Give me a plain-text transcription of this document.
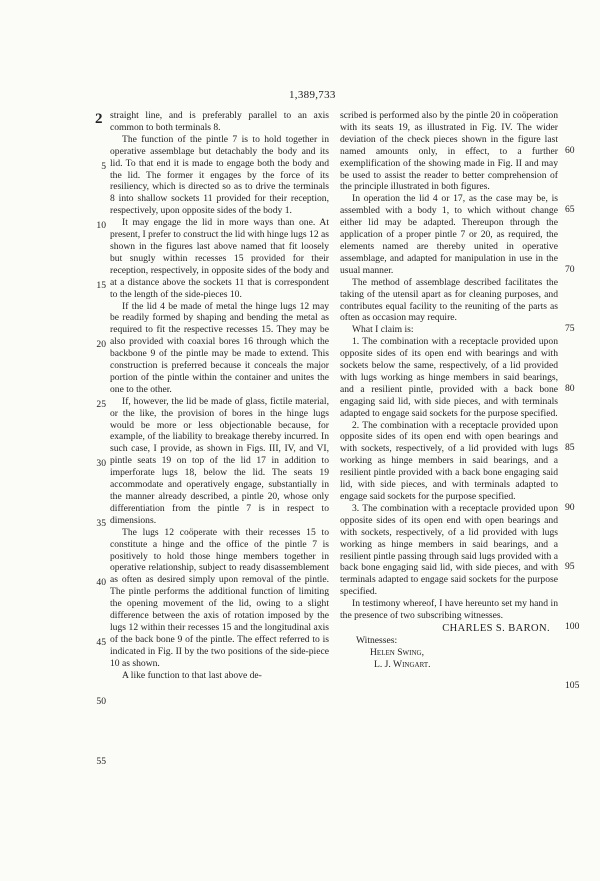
2
1,389,733
5
10
15
20
25
30
35
40
45
50
55
60
65
70
75
80
85
90
95
100
105

straight line, and is preferably parallel to an axis common to both terminals 8.

The function of the pintle 7 is to hold together in operative assemblage but detachably the body and its lid. To that end it is made to engage both the body and the lid. The former it engages by the force of its resiliency, which is directed so as to drive the terminals 8 into shallow sockets 11 provided for their reception, respectively, upon opposite sides of the body 1.

It may engage the lid in more ways than one. At present, I prefer to construct the lid with hinge lugs 12 as shown in the figures last above named that fit loosely but snugly within recesses 15 provided for their reception, respectively, in opposite sides of the body and at a distance above the sockets 11 that is correspondent to the length of the side-pieces 10.

If the lid 4 be made of metal the hinge lugs 12 may be readily formed by shaping and bending the metal as required to fit the respective recesses 15. They may be also provided with coaxial bores 16 through which the backbone 9 of the pintle may be made to extend. This construction is preferred because it conceals the major portion of the pintle within the container and unites the one to the other.

If, however, the lid be made of glass, fictile material, or the like, the provision of bores in the hinge lugs would be more or less objectionable because, for example, of the liability to breakage thereby incurred. In such case, I provide, as shown in Figs. III, IV, and VI, pintle seats 19 on top of the lid 17 in addition to imperforate lugs 18, below the lid. The seats 19 accommodate and operatively engage, substantially in the manner already described, a pintle 20, whose only differentiation from the pintle 7 is in respect to dimensions.

The lugs 12 coöperate with their recesses 15 to constitute a hinge and the office of the pintle 7 is positively to hold those hinge members together in operative relationship, subject to ready disassemblement as often as desired simply upon removal of the pintle. The pintle performs the additional function of limiting the opening movement of the lid, owing to a slight difference between the axis of rotation imposed by the lugs 12 within their recesses 15 and the longitudinal axis of the back bone 9 of the pintle. The effect referred to is indicated in Fig. II by the two positions of the side-piece 10 as shown.

A like function to that last above de-

scribed is performed also by the pintle 20 in coöperation with its seats 19, as illustrated in Fig. IV. The wider deviation of the check pieces shown in the figure last named amounts only, in effect, to a further exemplification of the showing made in Fig. II and may be used to assist the reader to better comprehension of the principle illustrated in both figures.

In operation the lid 4 or 17, as the case may be, is assembled with a body 1, to which without change either lid may be adapted. Thereupon through the application of a proper pintle 7 or 20, as required, the elements named are thereby united in operative assemblage, and adapted for manipulation in use in the usual manner.

The method of assemblage described facilitates the taking of the utensil apart as for cleaning purposes, and contributes equal facility to the reuniting of the parts as often as occasion may require.

What I claim is:

1. The combination with a receptacle provided upon opposite sides of its open end with bearings and with sockets below the same, respectively, of a lid provided with lugs working as hinge members in said bearings, and a resilient pintle, provided with a back bone engaging said lid, with side pieces, and with terminals adapted to engage said sockets for the purpose specified.

2. The combination with a receptacle provided upon opposite sides of its open end with open bearings and with sockets, respectively, of a lid provided with lugs working as hinge members in said bearings, and a resilient pintle provided with a back bone engaging said lid, with side pieces, and with terminals adapted to engage said sockets for the purpose specified.

3. The combination with a receptacle provided upon opposite sides of its open end with open bearings and with sockets, respectively, of a lid provided with lugs working as hinge members in said bearings, and a resilient pintle passing through said lugs provided with a back bone engaging said lid, with side pieces, and with terminals adapted to engage said sockets for the purpose specified.

In testimony whereof, I have hereunto set my hand in the presence of two subscribing witnesses.

CHARLES S. BARON.

Witnesses:

Helen Swing,

L. J. Wingart.
